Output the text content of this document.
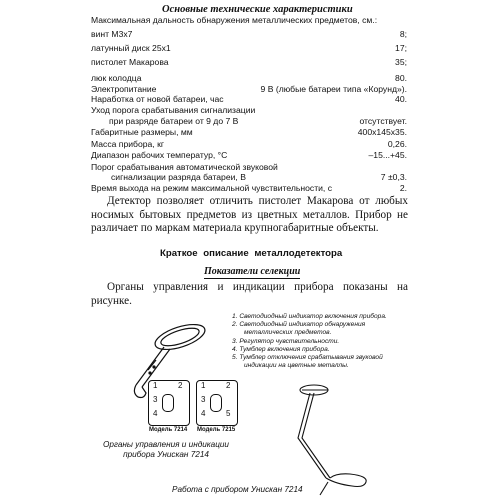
Основные технические характеристики
Максимальная дальность обнаружения металлических предметов, см.:
винт М3х7	8;
латунный диск 25х1	17;
пистолет Макарова	35;
люк колодца	80.
Электропитание	9 В (любые батареи типа «Корунд»).
Наработка от новой батареи, час	40.
Уход порога срабатывания сигнализации
при разряде батареи от 9 до 7 В	отсутствует.
Габаритные размеры, мм	400х145х35.
Масса прибора, кг	0,26.
Диапазон рабочих температур, °С	–15...+45.
Порог срабатывания автоматической звуковой
сигнализации разряда батареи, В	7 ±0,3.
Время выхода на режим максимальной чувствительности, с	2.
Детектор позволяет отличить пистолет Макарова от любых носимых бытовых предметов из цветных металлов. Прибор не различает по маркам материала крупногабаритные объекты.
Краткое описание металлодетектора
Показатели селекции
Органы управления и индикации прибора показаны на рисунке.
1. Светодиодный индикатор включения прибора.
2. Светодиодный индикатор обнаружения металлических предметов.
3. Регулятор чувствительности.
4. Тумблер включения прибора.
5. Тумблер отключения срабатывания звуковой индикации на цветные металлы.
1	2
3
4
Модель 7214
1	2
3
4	5
Модель 7215
Органы управления и индикации прибора Унискан 7214
Работа с прибором Унискан 7214
